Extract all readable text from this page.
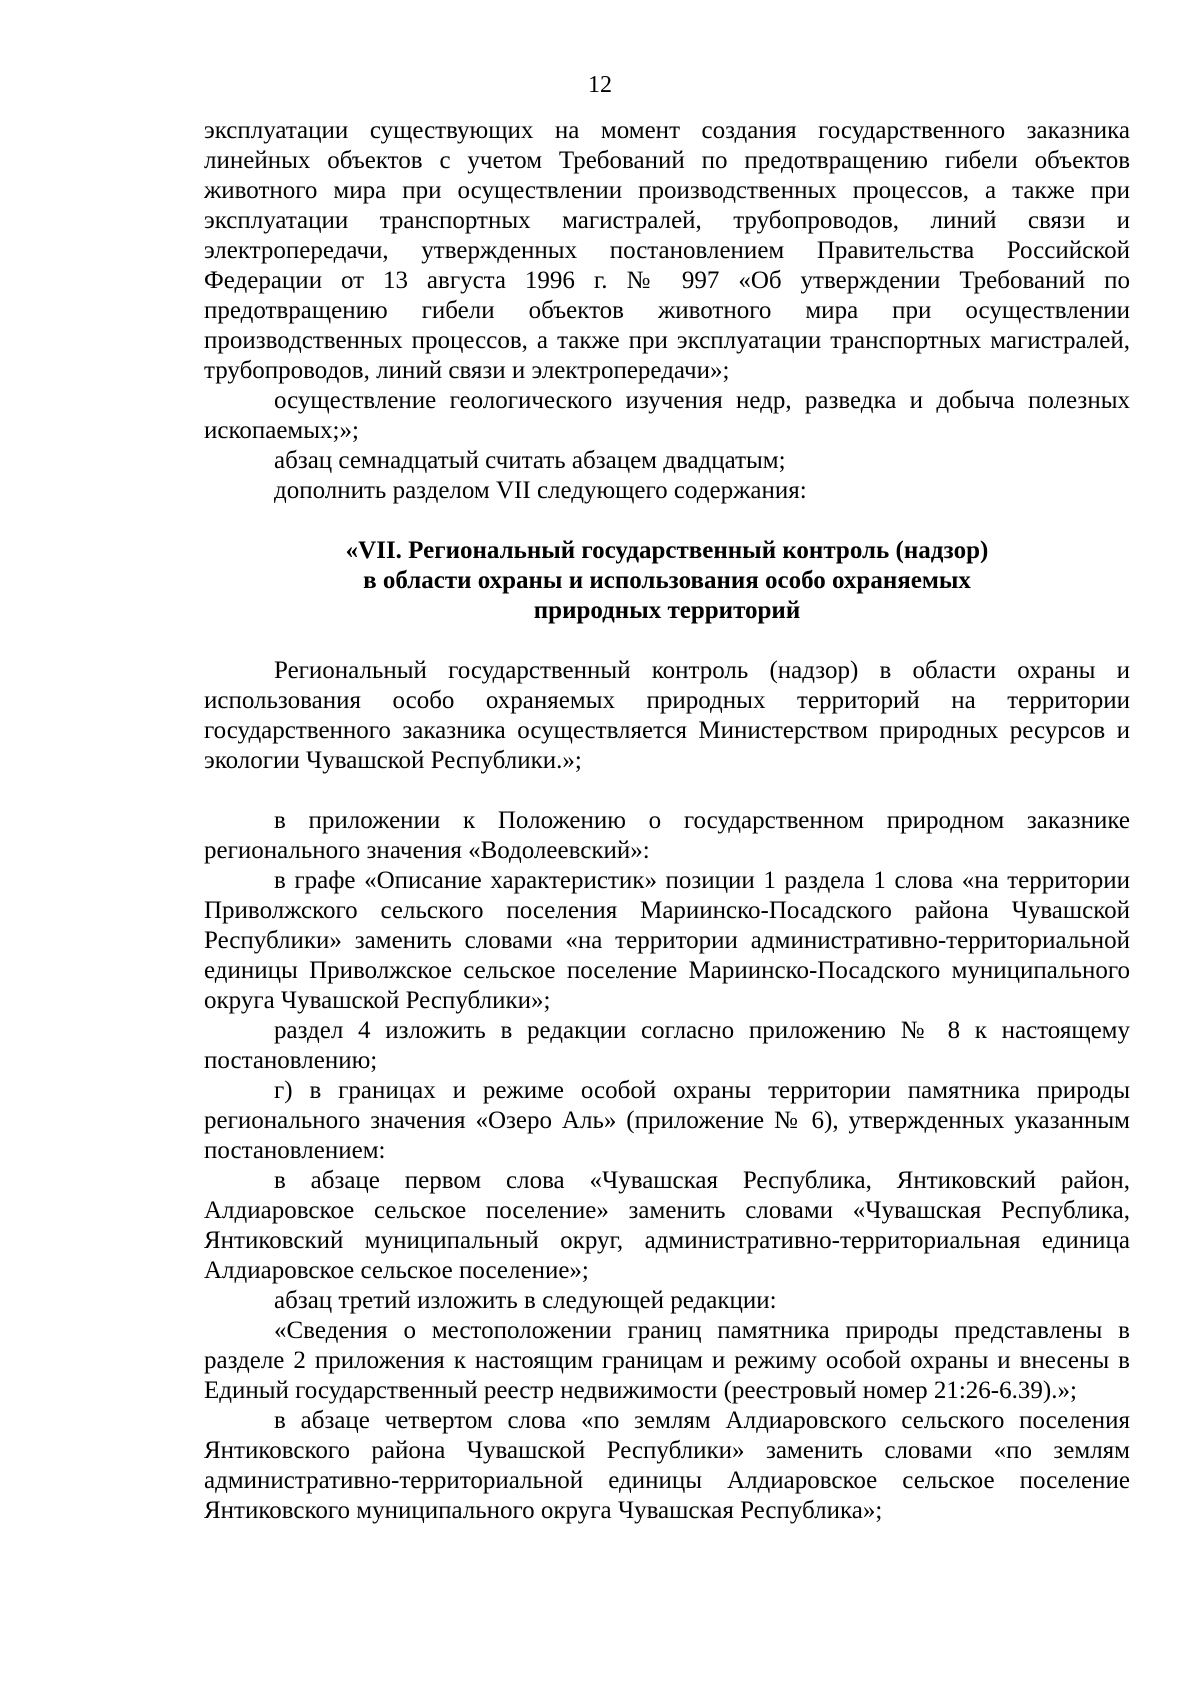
12

эксплуатации существующих на момент создания государственного заказника линейных объектов с учетом Требований по предотвращению гибели объектов животного мира при осуществлении производственных процессов, а также при эксплуатации транспортных магистралей, трубопроводов, линий связи и электропередачи, утвержденных постановлением Правительства Российской Федерации от 13 августа 1996 г. № 997 «Об утверждении Требований по предотвращению гибели объектов животного мира при осуществлении производственных процессов, а также при эксплуатации транспортных магистралей, трубопроводов, линий связи и электропередачи»;

осуществление геологического изучения недр, разведка и добыча полезных ископаемых;»;

абзац семнадцатый считать абзацем двадцатым;

дополнить разделом VII следующего содержания:

«VII. Региональный государственный контроль (надзор)
в области охраны и использования особо охраняемых
природных территорий

Региональный государственный контроль (надзор) в области охраны и использования особо охраняемых природных территорий на территории государственного заказника осуществляется Министерством природных ресурсов и экологии Чувашской Республики.»;

в приложении к Положению о государственном природном заказнике регионального значения «Водолеевский»:

в графе «Описание характеристик» позиции 1 раздела 1 слова «на территории Приволжского сельского поселения Мариинско-Посадского района Чувашской Республики» заменить словами «на территории административно-территориальной единицы Приволжское сельское поселение Мариинско-Посадского муниципального округа Чувашской Республики»;

раздел 4 изложить в редакции согласно приложению № 8 к настоящему постановлению;

г) в границах и режиме особой охраны территории памятника природы регионального значения «Озеро Аль» (приложение № 6), утвержденных указанным постановлением:

в абзаце первом слова «Чувашская Республика, Янтиковский район, Алдиаровское сельское поселение» заменить словами «Чувашская Республика, Янтиковский муниципальный округ, административно-территориальная единица Алдиаровское сельское поселение»;

абзац третий изложить в следующей редакции:

«Сведения о местоположении границ памятника природы представлены в разделе 2 приложения к настоящим границам и режиму особой охраны и внесены в Единый государственный реестр недвижимости (реестровый номер 21:26-6.39).»;

в абзаце четвертом слова «по землям Алдиаровского сельского поселения Янтиковского района Чувашской Республики» заменить словами «по землям административно-территориальной единицы Алдиаровское сельское поселение Янтиковского муниципального округа Чувашская Республика»;
